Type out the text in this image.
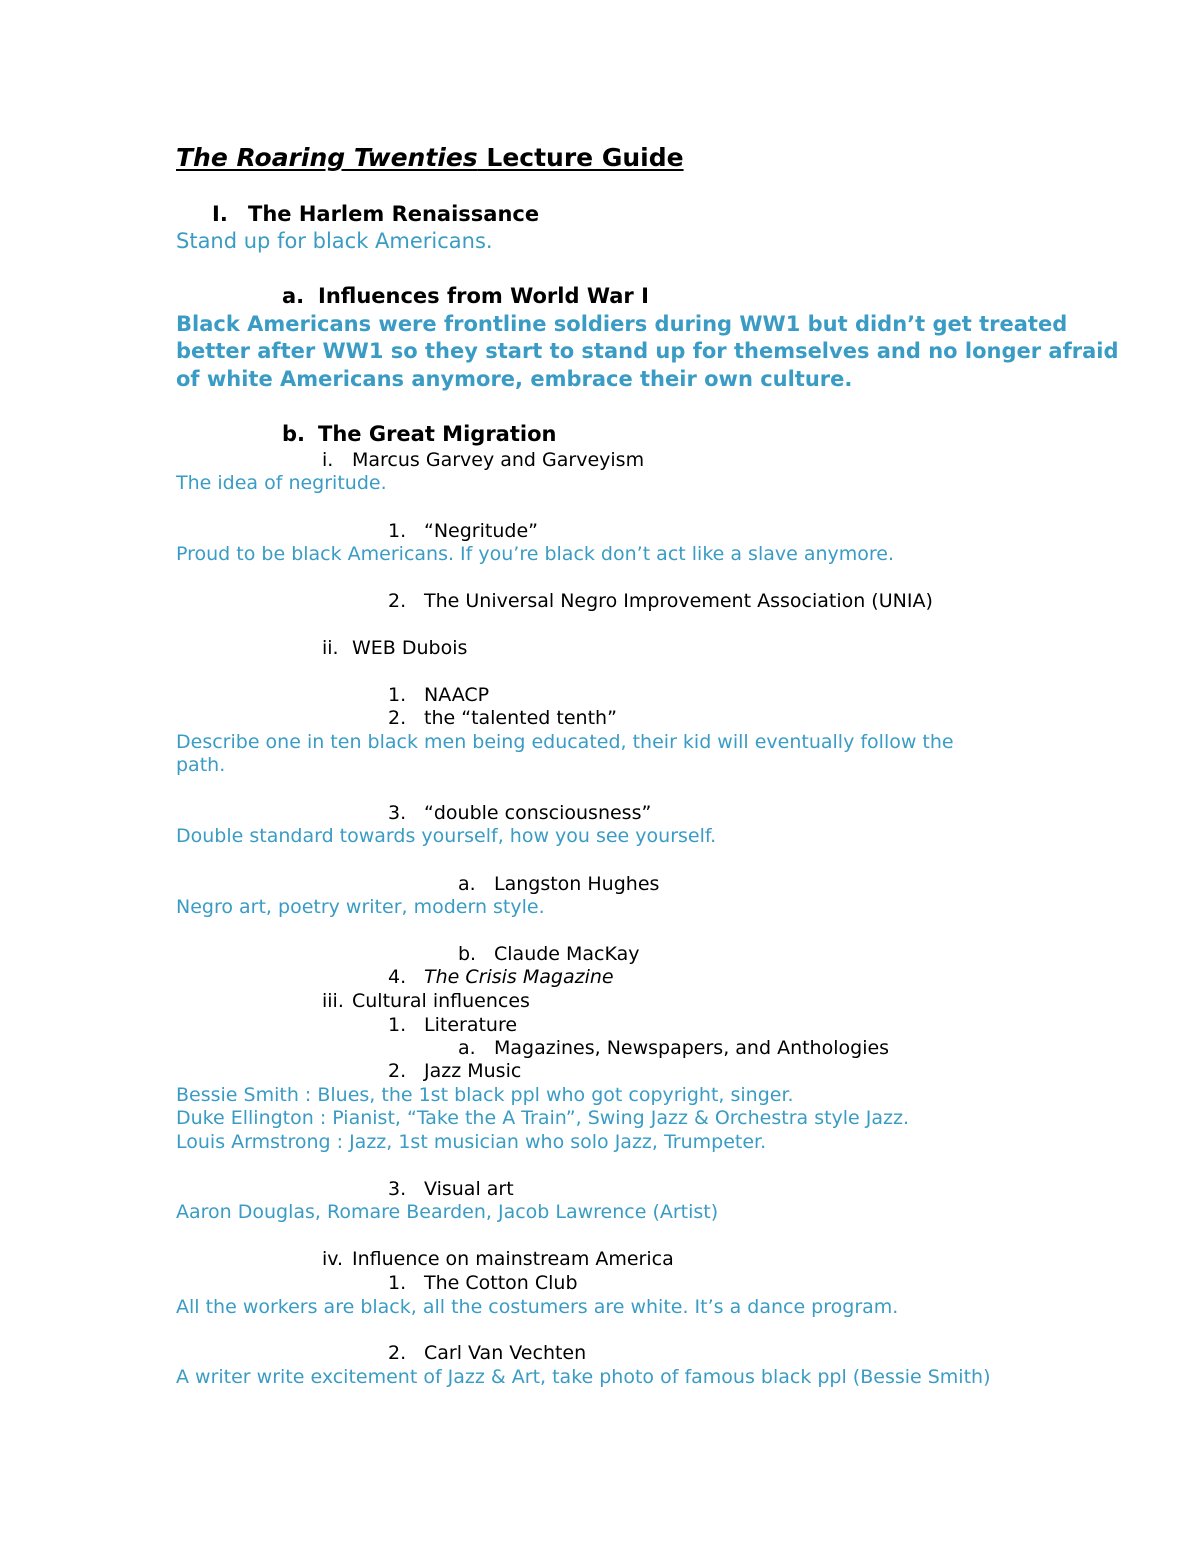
The Roaring Twenties Lecture Guide
I. The Harlem Renaissance
Stand up for black Americans.
a. Influences from World War I
Black Americans were frontline soldiers during WW1 but didn’t get treated
better after WW1 so they start to stand up for themselves and no longer afraid
of white Americans anymore, embrace their own culture.
b. The Great Migration
i. Marcus Garvey and Garveyism
The idea of negritude.
1. “Negritude”
Proud to be black Americans. If you’re black don’t act like a slave anymore.
2. The Universal Negro Improvement Association (UNIA)
ii. WEB Dubois
1. NAACP
2. the “talented tenth”
Describe one in ten black men being educated, their kid will eventually follow the
path.
3. “double consciousness”
Double standard towards yourself, how you see yourself.
a. Langston Hughes
Negro art, poetry writer, modern style.
b. Claude MacKay
4. The Crisis Magazine
iii. Cultural influences
1. Literature
a. Magazines, Newspapers, and Anthologies
2. Jazz Music
Bessie Smith : Blues, the 1st black ppl who got copyright, singer.
Duke Ellington : Pianist, “Take the A Train”, Swing Jazz & Orchestra style Jazz.
Louis Armstrong : Jazz, 1st musician who solo Jazz, Trumpeter.
3. Visual art
Aaron Douglas, Romare Bearden, Jacob Lawrence (Artist)
iv. Influence on mainstream America
1. The Cotton Club
All the workers are black, all the costumers are white. It’s a dance program.
2. Carl Van Vechten
A writer write excitement of Jazz & Art, take photo of famous black ppl (Bessie Smith)
